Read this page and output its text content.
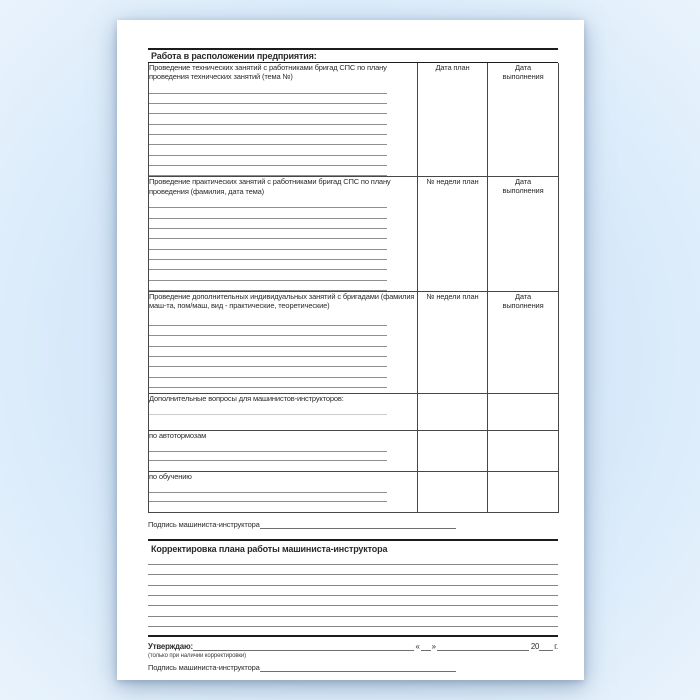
Работа в расположении предприятия:
Проведение технических занятий с работниками бригад СПС по плану проведения технических занятий (тема №)	Дата план	Дата выполнения

Проведение практических занятий с работниками бригад СПС по плану проведения (фамилия, дата тема)	№ недели план	Дата выполнения

Проведение дополнительных индивидуальных занятий с бригадами (фамилия маш-та, пом/маш, вид - практические, теоретические)	№ недели план	Дата выполнения

Дополнительные вопросы для машинистов-инструкторов:		

по автотормозам		

по обучению		

Подпись машиниста-инструктора
Корректировка плана работы машиниста-инструктора
Утверждаю:	« »	20 г.
(только при наличии корректировки)
Подпись машиниста-инструктора
